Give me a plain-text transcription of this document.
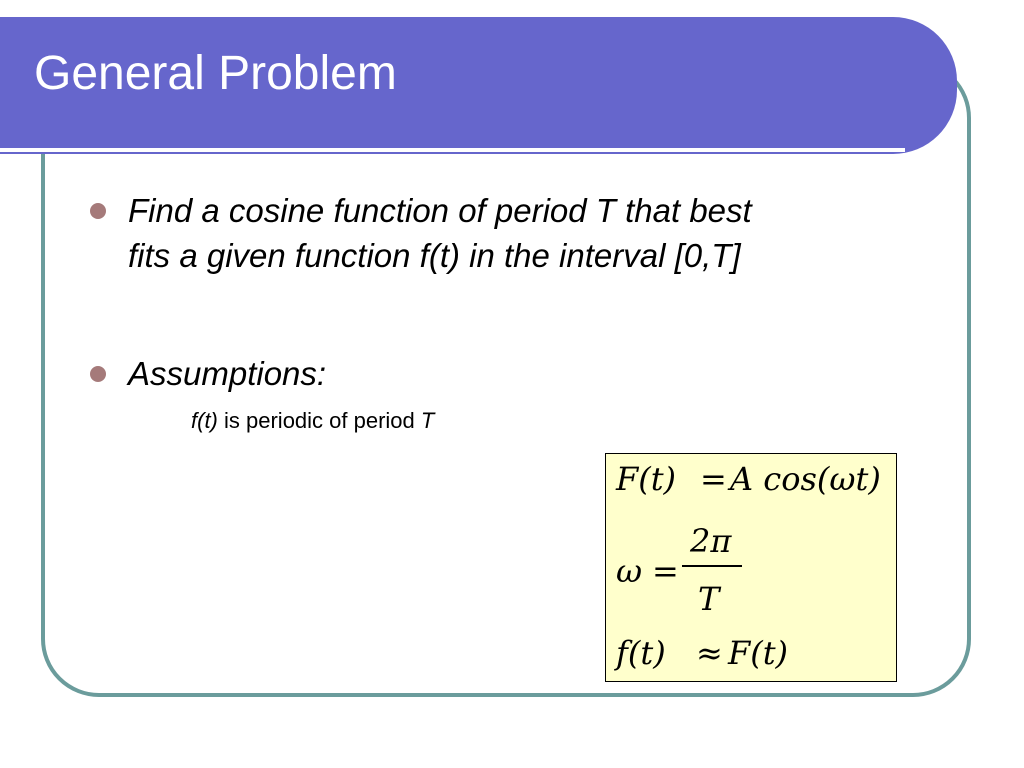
General Problem

Find a cosine function of period T that best
fits a given function f(t) in the interval [0,T]

Assumptions:

f(t) is periodic of period T

F(t) = A cos(ωt)
ω =
2π
T
f(t) ≈ F(t)
